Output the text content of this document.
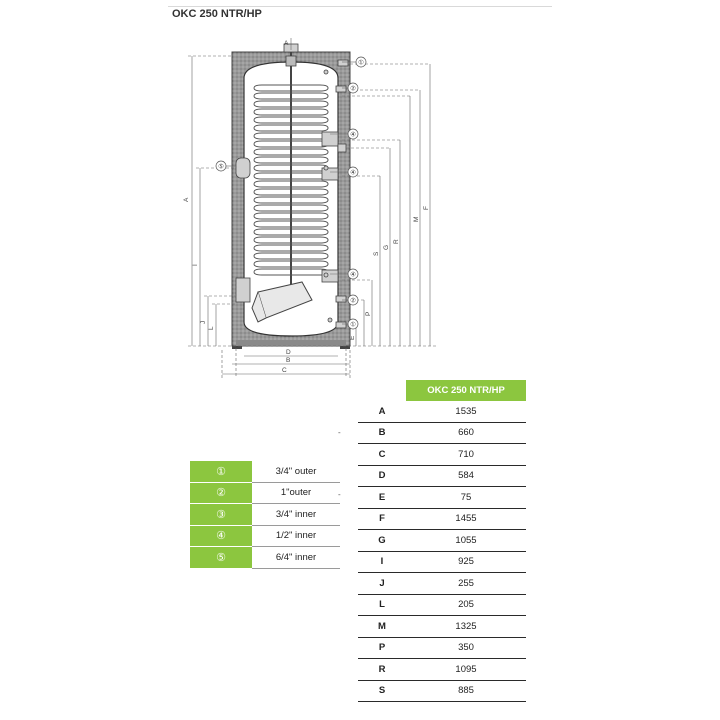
OKC 250 NTR/HP
①
②
④
④
⑤
④
②
①
A
A
I
J
L
F
M
R
G
S
P
E
D
B
C
	OKC 250 NTR/HP
A	1535
B	660
C	710
D	584
E	75
F	1455
G	1055
I	925
J	255
L	205
M	1325
P	350
R	1095
S	885
-
-
①	3/4" outer
②	1"outer
③	3/4" inner
④	1/2" inner
⑤	6/4" inner
